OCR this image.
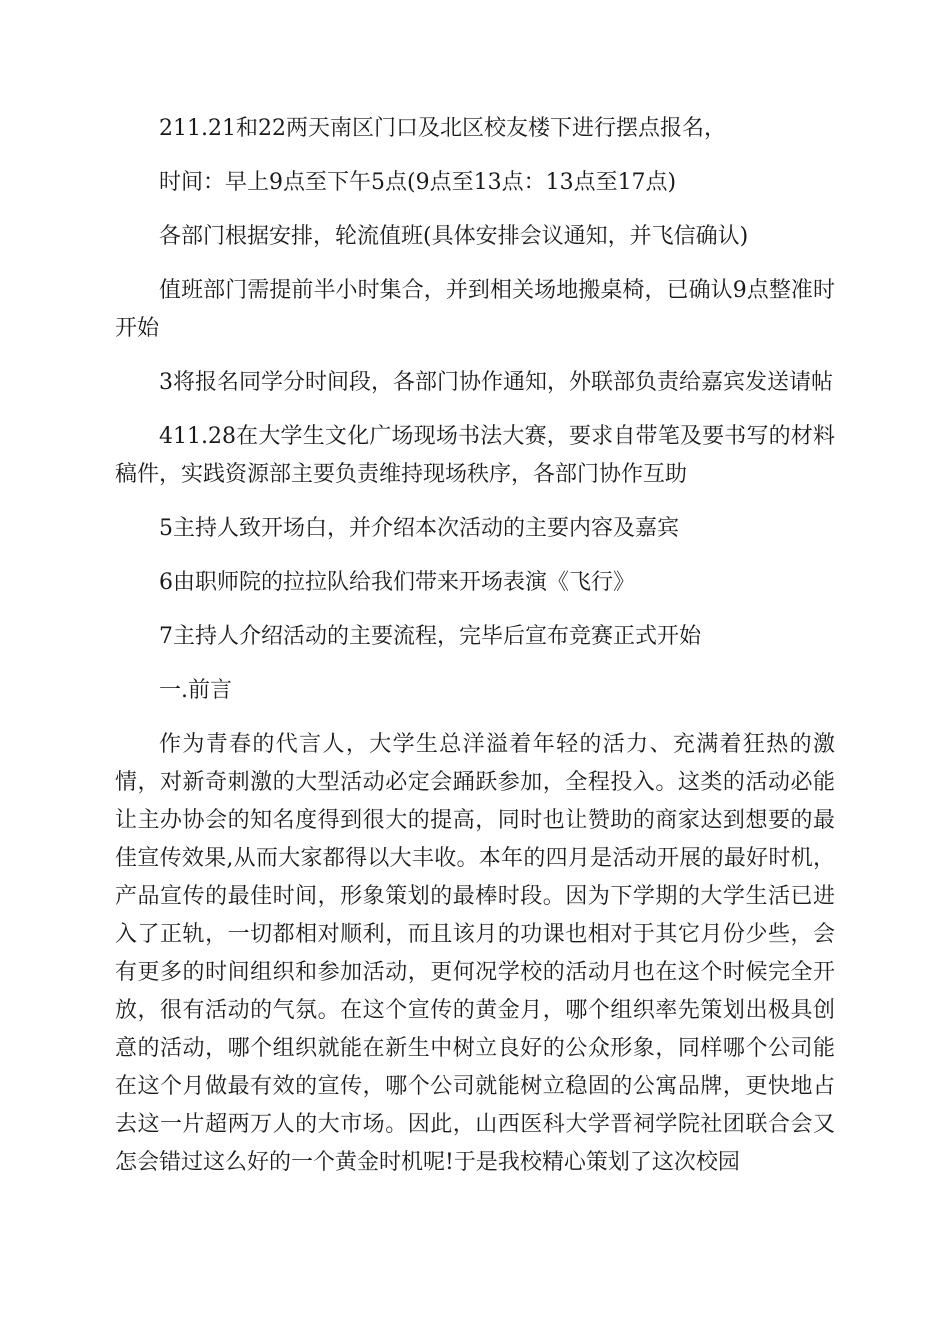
211.21和22两天南区门口及北区校友楼下进行摆点报名，

时间：早上9点至下午5点(9点至13点：13点至17点)

各部门根据安排，轮流值班(具体安排会议通知，并飞信确认)

值班部门需提前半小时集合，并到相关场地搬桌椅，已确认9点整准时开始

3将报名同学分时间段，各部门协作通知，外联部负责给嘉宾发送请帖

411.28在大学生文化广场现场书法大赛，要求自带笔及要书写的材料稿件，实践资源部主要负责维持现场秩序，各部门协作互助

5主持人致开场白，并介绍本次活动的主要内容及嘉宾

6由职师院的拉拉队给我们带来开场表演《飞行》

7主持人介绍活动的主要流程，完毕后宣布竞赛正式开始

一.前言

作为青春的代言人，大学生总洋溢着年轻的活力、充满着狂热的激情，对新奇刺激的大型活动必定会踊跃参加，全程投入。这类的活动必能让主办协会的知名度得到很大的提高，同时也让赞助的商家达到想要的最佳宣传效果,从而大家都得以大丰收。本年的四月是活动开展的最好时机，产品宣传的最佳时间，形象策划的最棒时段。因为下学期的大学生活已进入了正轨，一切都相对顺利，而且该月的功课也相对于其它月份少些，会有更多的时间组织和参加活动，更何况学校的活动月也在这个时候完全开放，很有活动的气氛。在这个宣传的黄金月，哪个组织率先策划出极具创意的活动，哪个组织就能在新生中树立良好的公众形象，同样哪个公司能在这个月做最有效的宣传，哪个公司就能树立稳固的公寓品牌，更快地占去这一片超两万人的大市场。因此，山西医科大学晋祠学院社团联合会又怎会错过这么好的一个黄金时机呢!于是我校精心策划了这次校园
